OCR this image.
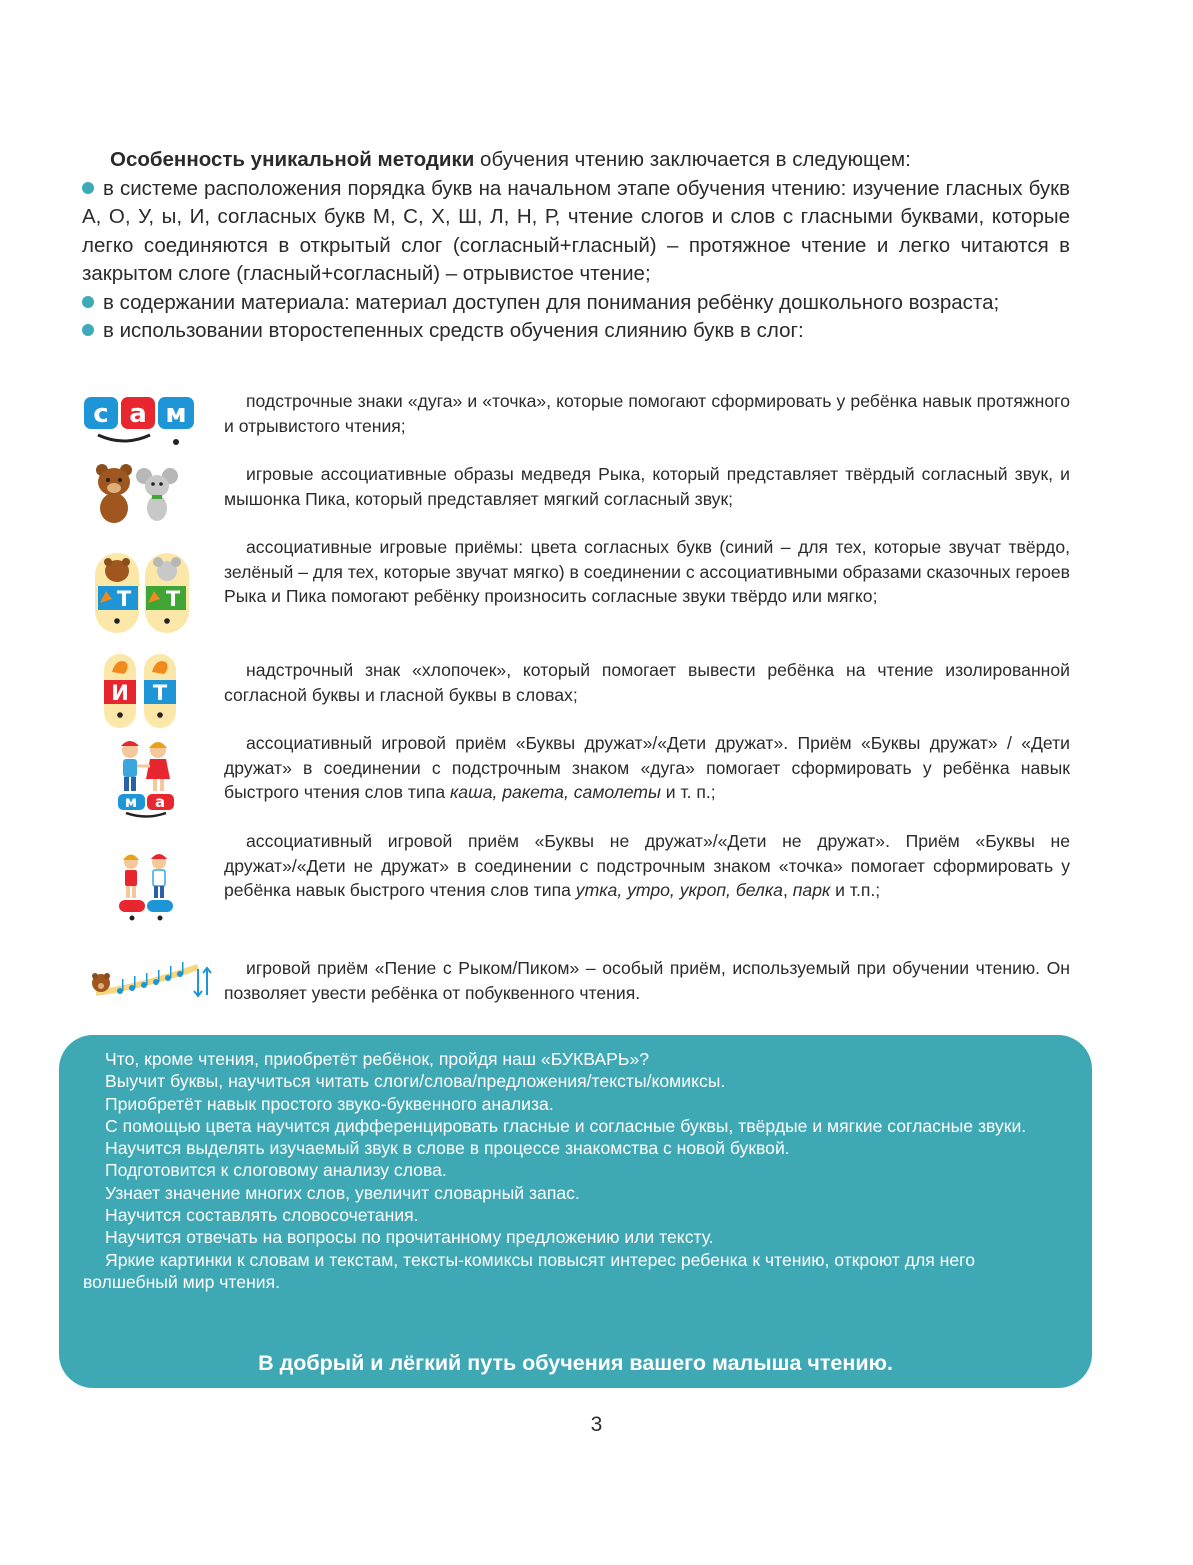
Особенность уникальной методики обучения чтению заключается в следующем:

в системе расположения порядка букв на начальном этапе обучения чтению: изучение гласных букв А, О, У, ы, И, согласных букв М, С, Х, Ш, Л, Н, Р, чтение слогов и слов с гласными буквами, которые легко соединяются в открытый слог (согласный+гласный) – протяжное чтение и легко читаются в закрытом слоге (гласный+согласный) – отрывистое чтение;

в содержании материала: материал доступен для понимания ребёнку дошкольного возраста;

в использовании второстепенных средств обучения слиянию букв в слог:

с а м	подстрочные знаки «дуга» и «точка», которые помогают сформировать у ребёнка навык протяжного и отрывистого чтения;

игровые ассоциативные образы медведя Рыка, который представляет твёрдый согласный звук, и мышонка Пика, который представляет мягкий согласный звук;

Т Т

ассоциативные игровые приёмы: цвета согласных букв (синий – для тех, которые звучат твёрдо, зелёный – для тех, которые звучат мягко) в соединении с ассоциативными образами сказочных героев Рыка и Пика помогают ребёнку произносить согласные звуки твёрдо или мягко;

И Т

надстрочный знак «хлопочек», который помогает вывести ребёнка на чтение изолированной согласной буквы и гласной буквы в словах;

м а

ассоциативный игровой приём «Буквы дружат»/«Дети дружат». Приём «Буквы дружат» / «Дети дружат» в соединении с подстрочным знаком «дуга» помогает сформировать у ребёнка навык быстрого чтения слов типа каша, ракета, самолеты и т. п.;

ассоциативный игровой приём «Буквы не дружат»/«Дети не дружат». Приём «Буквы не дружат»/«Дети не дружат» в соединении с подстрочным знаком «точка» помогает сформировать у ребёнка навык быстрого чтения слов типа утка, утро, укроп, белка, парк и т.п.;

игровой приём «Пение с Рыком/Пиком» – особый приём, используемый при обучении чтению. Он позволяет увести ребёнка от побуквенного чтения.

Что, кроме чтения, приобретёт ребёнок, пройдя наш «БУКВАРЬ»?

Выучит буквы, научиться читать слоги/слова/предложения/тексты/комиксы.

Приобретёт навык простого звуко-буквенного анализа.

С помощью цвета научится дифференцировать гласные и согласные буквы, твёрдые и мягкие согласные звуки.

Научится выделять изучаемый звук в слове в процессе знакомства с новой буквой.

Подготовится к слоговому анализу слова.

Узнает значение многих слов, увеличит словарный запас.

Научится составлять словосочетания.

Научится отвечать на вопросы по прочитанному предложению или тексту.

Яркие картинки к словам и текстам, тексты-комиксы повысят интерес ребенка к чтению, откроют для него волшебный мир чтения.

В добрый и лёгкий путь обучения вашего малыша чтению.
3
